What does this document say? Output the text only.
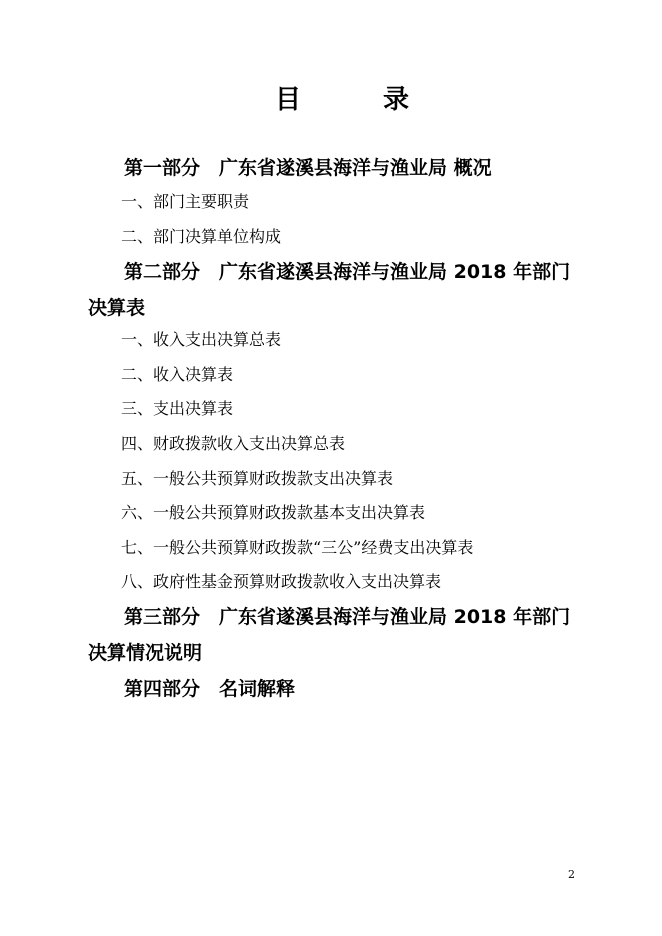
目	录
第一部分　广东省遂溪县海洋与渔业局 概况
一、部门主要职责
二、部门决算单位构成
第二部分　广东省遂溪县海洋与渔业局 2018 年部门决算表
一、收入支出决算总表
二、收入决算表
三、支出决算表
四、财政拨款收入支出决算总表
五、一般公共预算财政拨款支出决算表
六、一般公共预算财政拨款基本支出决算表
七、一般公共预算财政拨款“三公”经费支出决算表
八、政府性基金预算财政拨款收入支出决算表
第三部分　广东省遂溪县海洋与渔业局 2018 年部门决算情况说明
第四部分　名词解释
2
